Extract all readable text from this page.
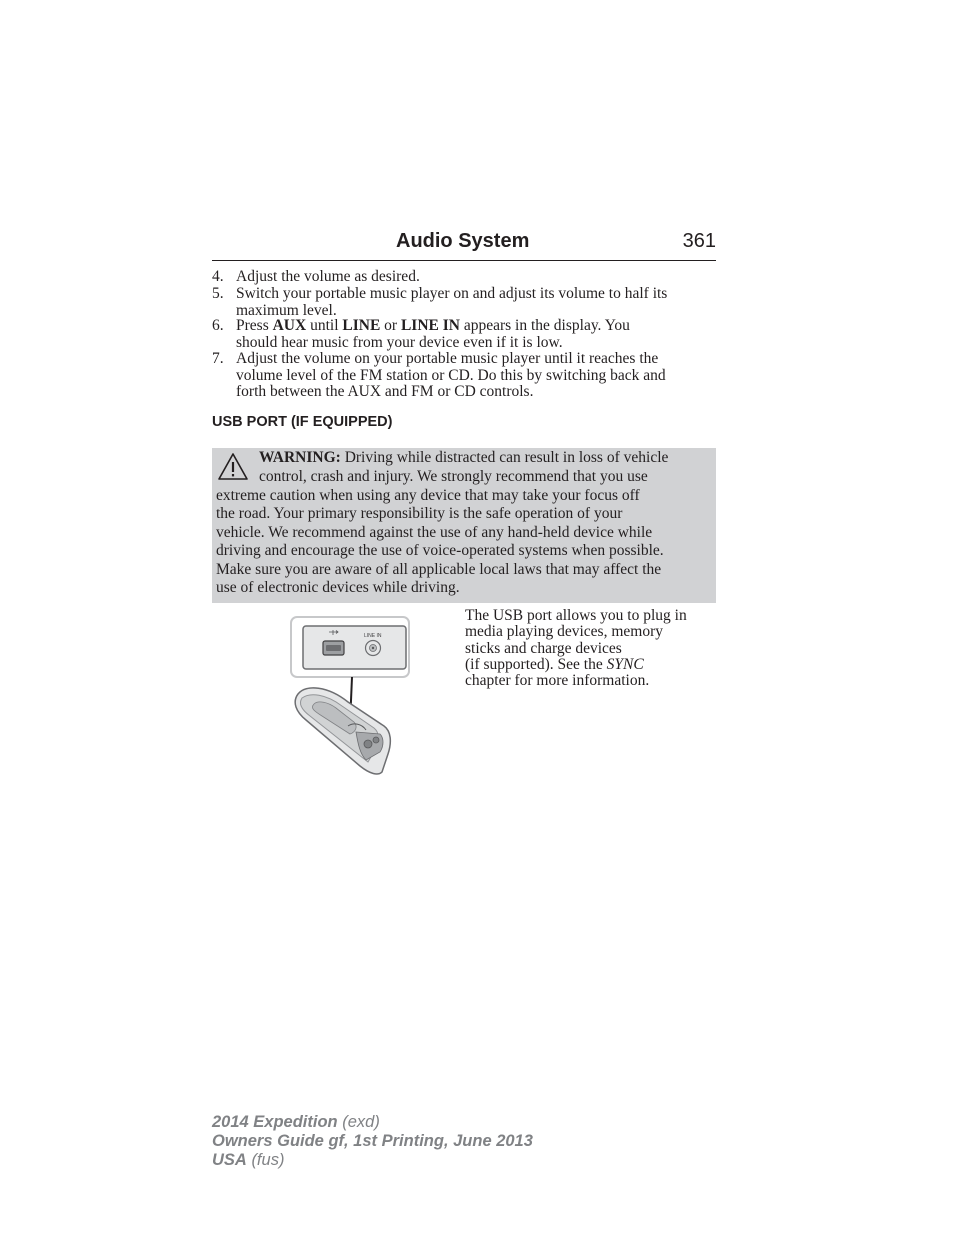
Audio System	361
4. Adjust the volume as desired.
5. Switch your portable music player on and adjust its volume to half its
maximum level.
6. Press AUX until LINE or LINE IN appears in the display. You
should hear music from your device even if it is low.
7. Adjust the volume on your portable music player until it reaches the
volume level of the FM station or CD. Do this by switching back and
forth between the AUX and FM or CD controls.
USB PORT (IF EQUIPPED)
WARNING: Driving while distracted can result in loss of vehicle
control, crash and injury. We strongly recommend that you use
extreme caution when using any device that may take your focus off
the road. Your primary responsibility is the safe operation of your
vehicle. We recommend against the use of any hand-held device while
driving and encourage the use of voice-operated systems when possible.
Make sure you are aware of all applicable local laws that may affect the
use of electronic devices while driving.
LINE IN
The USB port allows you to plug in
media playing devices, memory
sticks and charge devices
(if supported). See the SYNC
chapter for more information.
2014 Expedition (exd)
Owners Guide gf, 1st Printing, June 2013
USA (fus)
